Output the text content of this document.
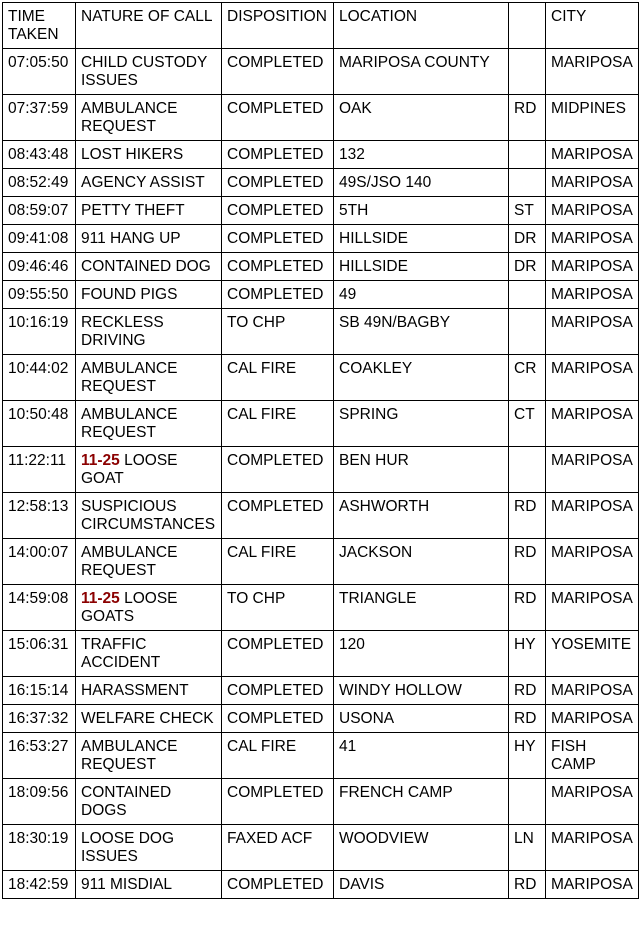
TIME TAKEN	NATURE OF CALL	DISPOSITION	LOCATION		CITY
07:05:50	CHILD CUSTODY ISSUES	COMPLETED	MARIPOSA COUNTY		MARIPOSA
07:37:59	AMBULANCE REQUEST	COMPLETED	OAK	RD	MIDPINES
08:43:48	LOST HIKERS	COMPLETED	132		MARIPOSA
08:52:49	AGENCY ASSIST	COMPLETED	49S/JSO 140		MARIPOSA
08:59:07	PETTY THEFT	COMPLETED	5TH	ST	MARIPOSA
09:41:08	911 HANG UP	COMPLETED	HILLSIDE	DR	MARIPOSA
09:46:46	CONTAINED DOG	COMPLETED	HILLSIDE	DR	MARIPOSA
09:55:50	FOUND PIGS	COMPLETED	49		MARIPOSA
10:16:19	RECKLESS DRIVING	TO CHP	SB 49N/BAGBY		MARIPOSA
10:44:02	AMBULANCE REQUEST	CAL FIRE	COAKLEY	CR	MARIPOSA
10:50:48	AMBULANCE REQUEST	CAL FIRE	SPRING	CT	MARIPOSA
11:22:11	11-25 LOOSE GOAT	COMPLETED	BEN HUR		MARIPOSA
12:58:13	SUSPICIOUS CIRCUMSTANCES	COMPLETED	ASHWORTH	RD	MARIPOSA
14:00:07	AMBULANCE REQUEST	CAL FIRE	JACKSON	RD	MARIPOSA
14:59:08	11-25 LOOSE GOATS	TO CHP	TRIANGLE	RD	MARIPOSA
15:06:31	TRAFFIC ACCIDENT	COMPLETED	120	HY	YOSEMITE
16:15:14	HARASSMENT	COMPLETED	WINDY HOLLOW	RD	MARIPOSA
16:37:32	WELFARE CHECK	COMPLETED	USONA	RD	MARIPOSA
16:53:27	AMBULANCE REQUEST	CAL FIRE	41	HY	FISH CAMP
18:09:56	CONTAINED DOGS	COMPLETED	FRENCH CAMP		MARIPOSA
18:30:19	LOOSE DOG ISSUES	FAXED ACF	WOODVIEW	LN	MARIPOSA
18:42:59	911 MISDIAL	COMPLETED	DAVIS	RD	MARIPOSA
